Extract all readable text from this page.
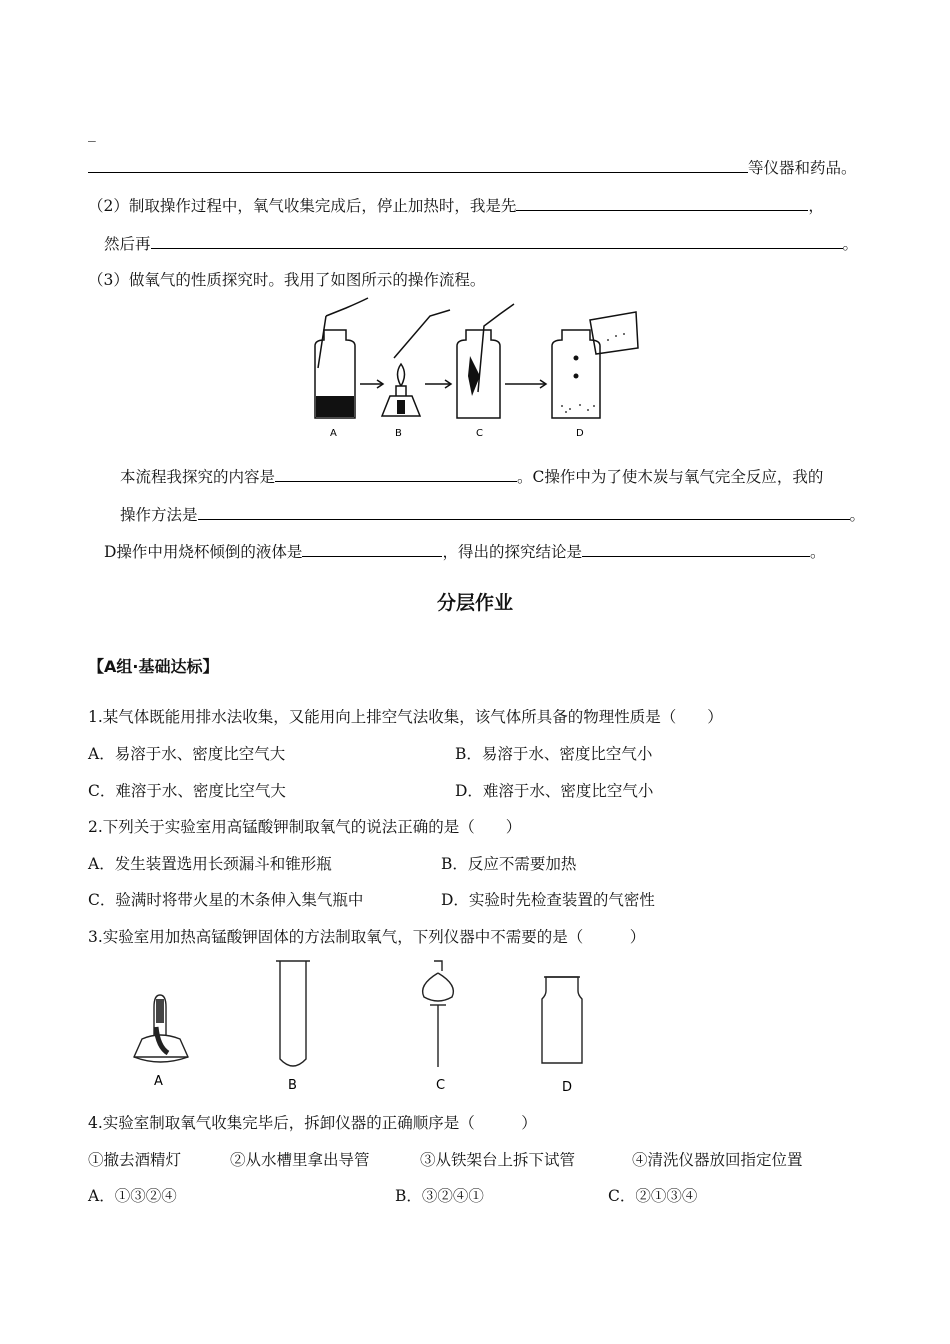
_
等仪器和药品。
（2）制取操作过程中，氧气收集完成后，停止加热时，我是先	，
然后再	。
（3）做氧气的性质探究时。我用了如图所示的操作流程。
A	B	C	D
本流程我探究的内容是	。C操作中为了使木炭与氧气完全反应，我的
操作方法是	。
D操作中用烧杯倾倒的液体是	，得出的探究结论是	。
分层作业
【A组·基础达标】
1.某气体既能用排水法收集，又能用向上排空气法收集，该气体所具备的物理性质是（　　）
A．易溶于水、密度比空气大	B．易溶于水、密度比空气小
C．难溶于水、密度比空气大	D．难溶于水、密度比空气小
2.下列关于实验室用高锰酸钾制取氧气的说法正确的是（　　）
A．发生装置选用长颈漏斗和锥形瓶	B．反应不需要加热
C．验满时将带火星的木条伸入集气瓶中	D．实验时先检查装置的气密性
3.实验室用加热高锰酸钾固体的方法制取氧气，下列仪器中不需要的是（　　　）
A	B	C	D
4.实验室制取氧气收集完毕后，拆卸仪器的正确顺序是（　　　）
①撤去酒精灯	②从水槽里拿出导管	③从铁架台上拆下试管	④清洗仪器放回指定位置
A．①③②④	B．③②④①	C．②①③④
